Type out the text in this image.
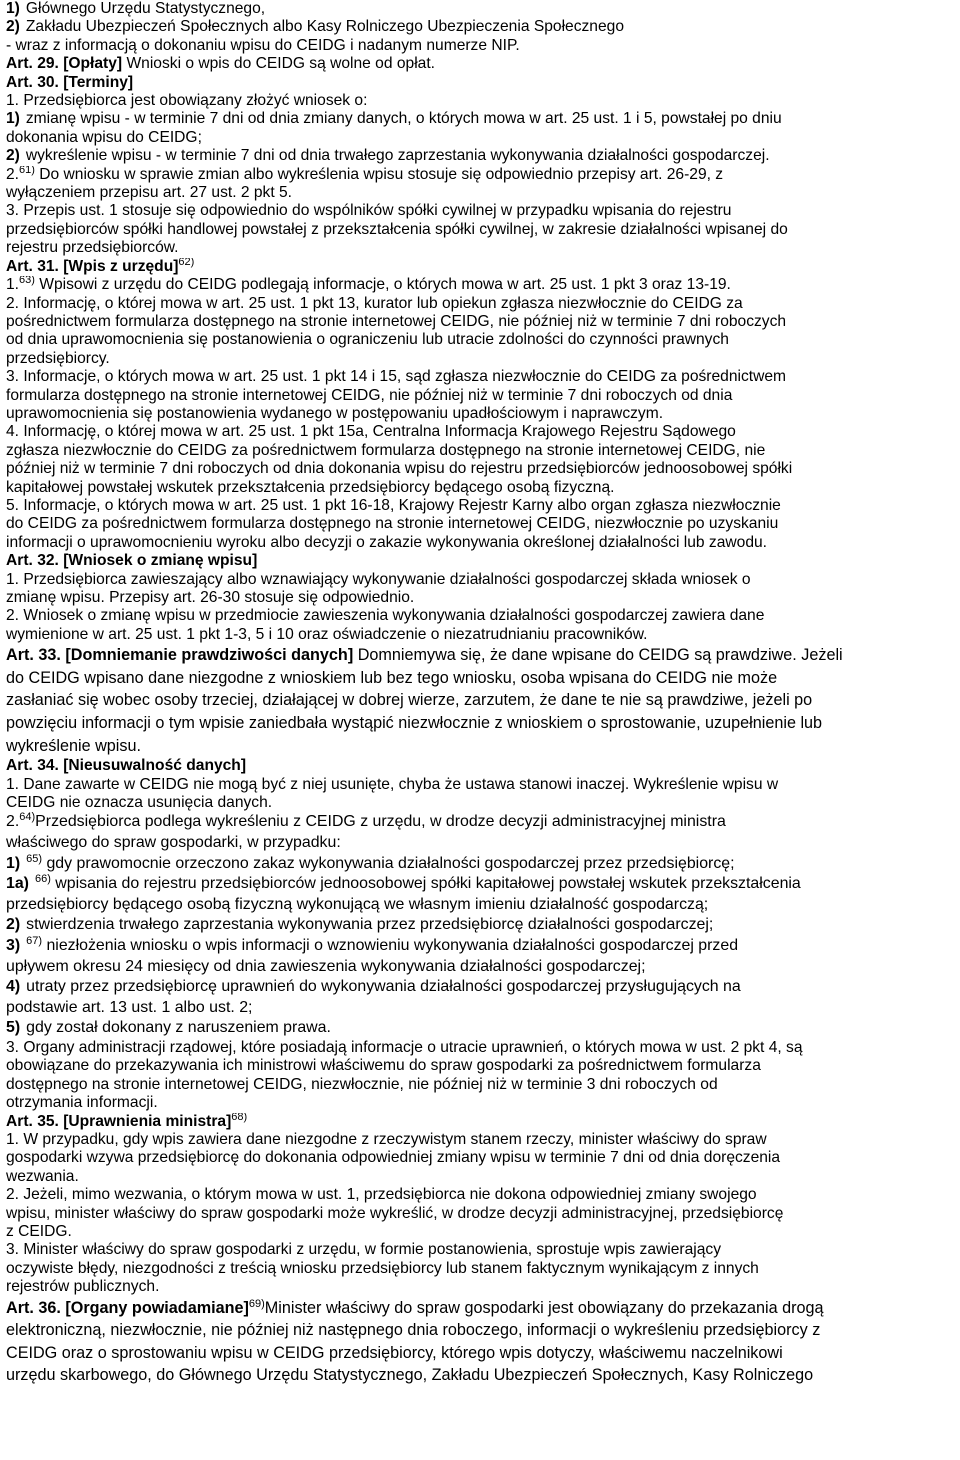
1) Głównego Urzędu Statystycznego,
2) Zakładu Ubezpieczeń Społecznych albo Kasy Rolniczego Ubezpieczenia Społecznego
- wraz z informacją o dokonaniu wpisu do CEIDG i nadanym numerze NIP.
Art. 29. [Opłaty] Wnioski o wpis do CEIDG są wolne od opłat.
Art. 30. [Terminy]
1. Przedsiębiorca jest obowiązany złożyć wniosek o:
1) zmianę wpisu - w terminie 7 dni od dnia zmiany danych, o których mowa w art. 25 ust. 1 i 5, powstałej po dniu
dokonania wpisu do CEIDG;
2) wykreślenie wpisu - w terminie 7 dni od dnia trwałego zaprzestania wykonywania działalności gospodarczej.
2.$^{61)}$ Do wniosku w sprawie zmian albo wykreślenia wpisu stosuje się odpowiednio przepisy art. 26-29, z
wyłączeniem przepisu art. 27 ust. 2 pkt 5.
3. Przepis ust. 1 stosuje się odpowiednio do wspólników spółki cywilnej w przypadku wpisania do rejestru
przedsiębiorców spółki handlowej powstałej z przekształcenia spółki cywilnej, w zakresie działalności wpisanej do
rejestru przedsiębiorców.
Art. 31. [Wpis z urzędu]$^{62)}$
1.$^{63)}$ Wpisowi z urzędu do CEIDG podlegają informacje, o których mowa w art. 25 ust. 1 pkt 3 oraz 13-19.
2. Informację, o której mowa w art. 25 ust. 1 pkt 13, kurator lub opiekun zgłasza niezwłocznie do CEIDG za
pośrednictwem formularza dostępnego na stronie internetowej CEIDG, nie później niż w terminie 7 dni roboczych
od dnia uprawomocnienia się postanowienia o ograniczeniu lub utracie zdolności do czynności prawnych
przedsiębiorcy.
3. Informacje, o których mowa w art. 25 ust. 1 pkt 14 i 15, sąd zgłasza niezwłocznie do CEIDG za pośrednictwem
formularza dostępnego na stronie internetowej CEIDG, nie później niż w terminie 7 dni roboczych od dnia
uprawomocnienia się postanowienia wydanego w postępowaniu upadłościowym i naprawczym.
4. Informację, o której mowa w art. 25 ust. 1 pkt 15a, Centralna Informacja Krajowego Rejestru Sądowego
zgłasza niezwłocznie do CEIDG za pośrednictwem formularza dostępnego na stronie internetowej CEIDG, nie
później niż w terminie 7 dni roboczych od dnia dokonania wpisu do rejestru przedsiębiorców jednoosobowej spółki
kapitałowej powstałej wskutek przekształcenia przedsiębiorcy będącego osobą fizyczną.
5. Informacje, o których mowa w art. 25 ust. 1 pkt 16-18, Krajowy Rejestr Karny albo organ zgłasza niezwłocznie
do CEIDG za pośrednictwem formularza dostępnego na stronie internetowej CEIDG, niezwłocznie po uzyskaniu
informacji o uprawomocnieniu wyroku albo decyzji o zakazie wykonywania określonej działalności lub zawodu.
Art. 32. [Wniosek o zmianę wpisu]
1. Przedsiębiorca zawieszający albo wznawiający wykonywanie działalności gospodarczej składa wniosek o
zmianę wpisu. Przepisy art. 26-30 stosuje się odpowiednio.
2. Wniosek o zmianę wpisu w przedmiocie zawieszenia wykonywania działalności gospodarczej zawiera dane
wymienione w art. 25 ust. 1 pkt 1-3, 5 i 10 oraz oświadczenie o niezatrudnianiu pracowników.
Art. 33. [Domniemanie prawdziwości danych] Domniemywa się, że dane wpisane do CEIDG są prawdziwe. Jeżeli
do CEIDG wpisano dane niezgodne z wnioskiem lub bez tego wniosku, osoba wpisana do CEIDG nie może
zasłaniać się wobec osoby trzeciej, działającej w dobrej wierze, zarzutem, że dane te nie są prawdziwe, jeżeli po
powzięciu informacji o tym wpisie zaniedbała wystąpić niezwłocznie z wnioskiem o sprostowanie, uzupełnienie lub
wykreślenie wpisu.
Art. 34. [Nieusuwalność danych]
1. Dane zawarte w CEIDG nie mogą być z niej usunięte, chyba że ustawa stanowi inaczej. Wykreślenie wpisu w
CEIDG nie oznacza usunięcia danych.
2.$^{64)}$Przedsiębiorca podlega wykreśleniu z CEIDG z urzędu, w drodze decyzji administracyjnej ministra
właściwego do spraw gospodarki, w przypadku:
1) $^{65)}$ gdy prawomocnie orzeczono zakaz wykonywania działalności gospodarczej przez przedsiębiorcę;
1a) $^{66)}$ wpisania do rejestru przedsiębiorców jednoosobowej spółki kapitałowej powstałej wskutek przekształcenia
przedsiębiorcy będącego osobą fizyczną wykonującą we własnym imieniu działalność gospodarczą;
2) stwierdzenia trwałego zaprzestania wykonywania przez przedsiębiorcę działalności gospodarczej;
3) $^{67)}$ niezłożenia wniosku o wpis informacji o wznowieniu wykonywania działalności gospodarczej przed
upływem okresu 24 miesięcy od dnia zawieszenia wykonywania działalności gospodarczej;
4) utraty przez przedsiębiorcę uprawnień do wykonywania działalności gospodarczej przysługujących na
podstawie art. 13 ust. 1 albo ust. 2;
5) gdy został dokonany z naruszeniem prawa.
3. Organy administracji rządowej, które posiadają informacje o utracie uprawnień, o których mowa w ust. 2 pkt 4, są
obowiązane do przekazywania ich ministrowi właściwemu do spraw gospodarki za pośrednictwem formularza
dostępnego na stronie internetowej CEIDG, niezwłocznie, nie później niż w terminie 3 dni roboczych od
otrzymania informacji.
Art. 35. [Uprawnienia ministra]$^{68)}$
1. W przypadku, gdy wpis zawiera dane niezgodne z rzeczywistym stanem rzeczy, minister właściwy do spraw
gospodarki wzywa przedsiębiorcę do dokonania odpowiedniej zmiany wpisu w terminie 7 dni od dnia doręczenia
wezwania.
2. Jeżeli, mimo wezwania, o którym mowa w ust. 1, przedsiębiorca nie dokona odpowiedniej zmiany swojego
wpisu, minister właściwy do spraw gospodarki może wykreślić, w drodze decyzji administracyjnej, przedsiębiorcę
z CEIDG.
3. Minister właściwy do spraw gospodarki z urzędu, w formie postanowienia, sprostuje wpis zawierający
oczywiste błędy, niezgodności z treścią wniosku przedsiębiorcy lub stanem faktycznym wynikającym z innych
rejestrów publicznych.
Art. 36. [Organy powiadamiane]$^{69)}$Minister właściwy do spraw gospodarki jest obowiązany do przekazania drogą
elektroniczną, niezwłocznie, nie później niż następnego dnia roboczego, informacji o wykreśleniu przedsiębiorcy z
CEIDG oraz o sprostowaniu wpisu w CEIDG przedsiębiorcy, którego wpis dotyczy, właściwemu naczelnikowi
urzędu skarbowego, do Głównego Urzędu Statystycznego, Zakładu Ubezpieczeń Społecznych, Kasy Rolniczego
